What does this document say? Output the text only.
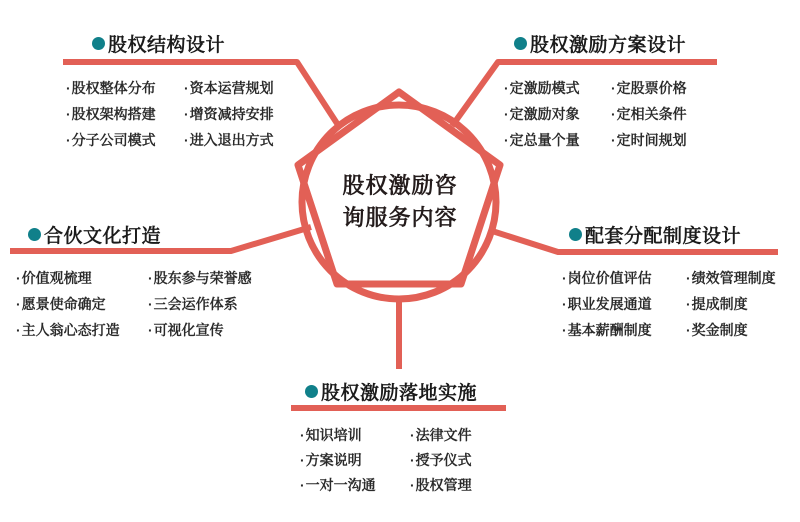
股权激励咨
询服务内容
股权结构设计
· 股权整体分布
· 股权架构搭建
· 分子公司模式
· 资本运营规划
· 增资减持安排
· 进入退出方式
股权激励方案设计
· 定激励模式
· 定激励对象
· 定总量个量
· 定股票价格
· 定相关条件
· 定时间规划
合伙文化打造
· 价值观梳理
· 愿景使命确定
· 主人翁心态打造
· 股东参与荣誉感
· 三会运作体系
· 可视化宣传
配套分配制度设计
· 岗位价值评估
· 职业发展通道
· 基本薪酬制度
· 绩效管理制度
· 提成制度
· 奖金制度
股权激励落地实施
· 知识培训
· 方案说明
· 一对一沟通
· 法律文件
· 授予仪式
· 股权管理
